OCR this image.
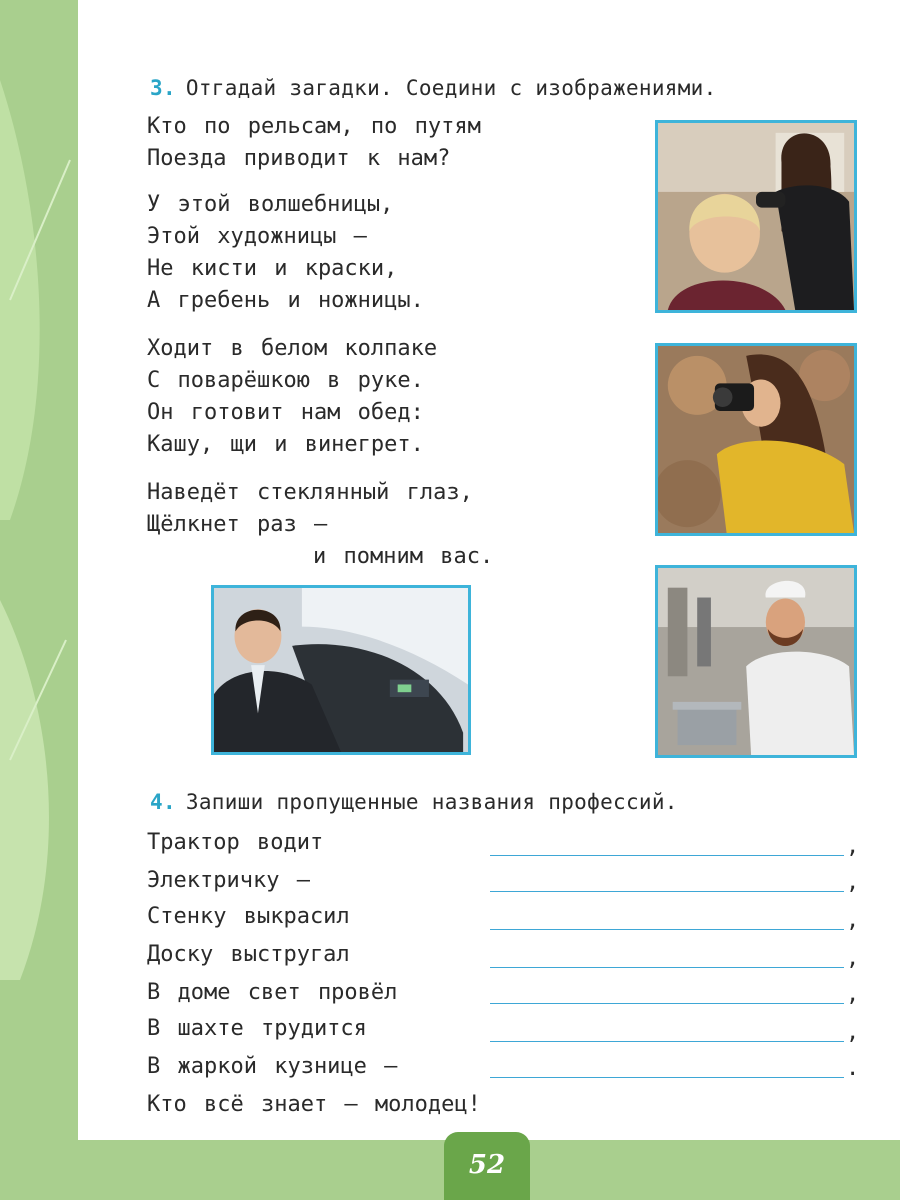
3. Отгадай загадки. Соедини с изображениями.
Кто по рельсам, по путям
Поезда приводит к нам?
У этой волшебницы,
Этой художницы —
Не кисти и краски,
А гребень и ножницы.
Ходит в белом колпаке
С поварёшкою в руке.
Он готовит нам обед:
Кашу, щи и винегрет.
Наведёт стеклянный глаз,
Щёлкнет раз —
и помним вас.
4. Запиши пропущенные названия профессий.
Трактор водит
Электричку —
Стенку выкрасил
Доску выстругал
В доме свет провёл
В шахте трудится
В жаркой кузнице —
Кто всё знает — молодец!
,
,
,
,
,
,
.
52
